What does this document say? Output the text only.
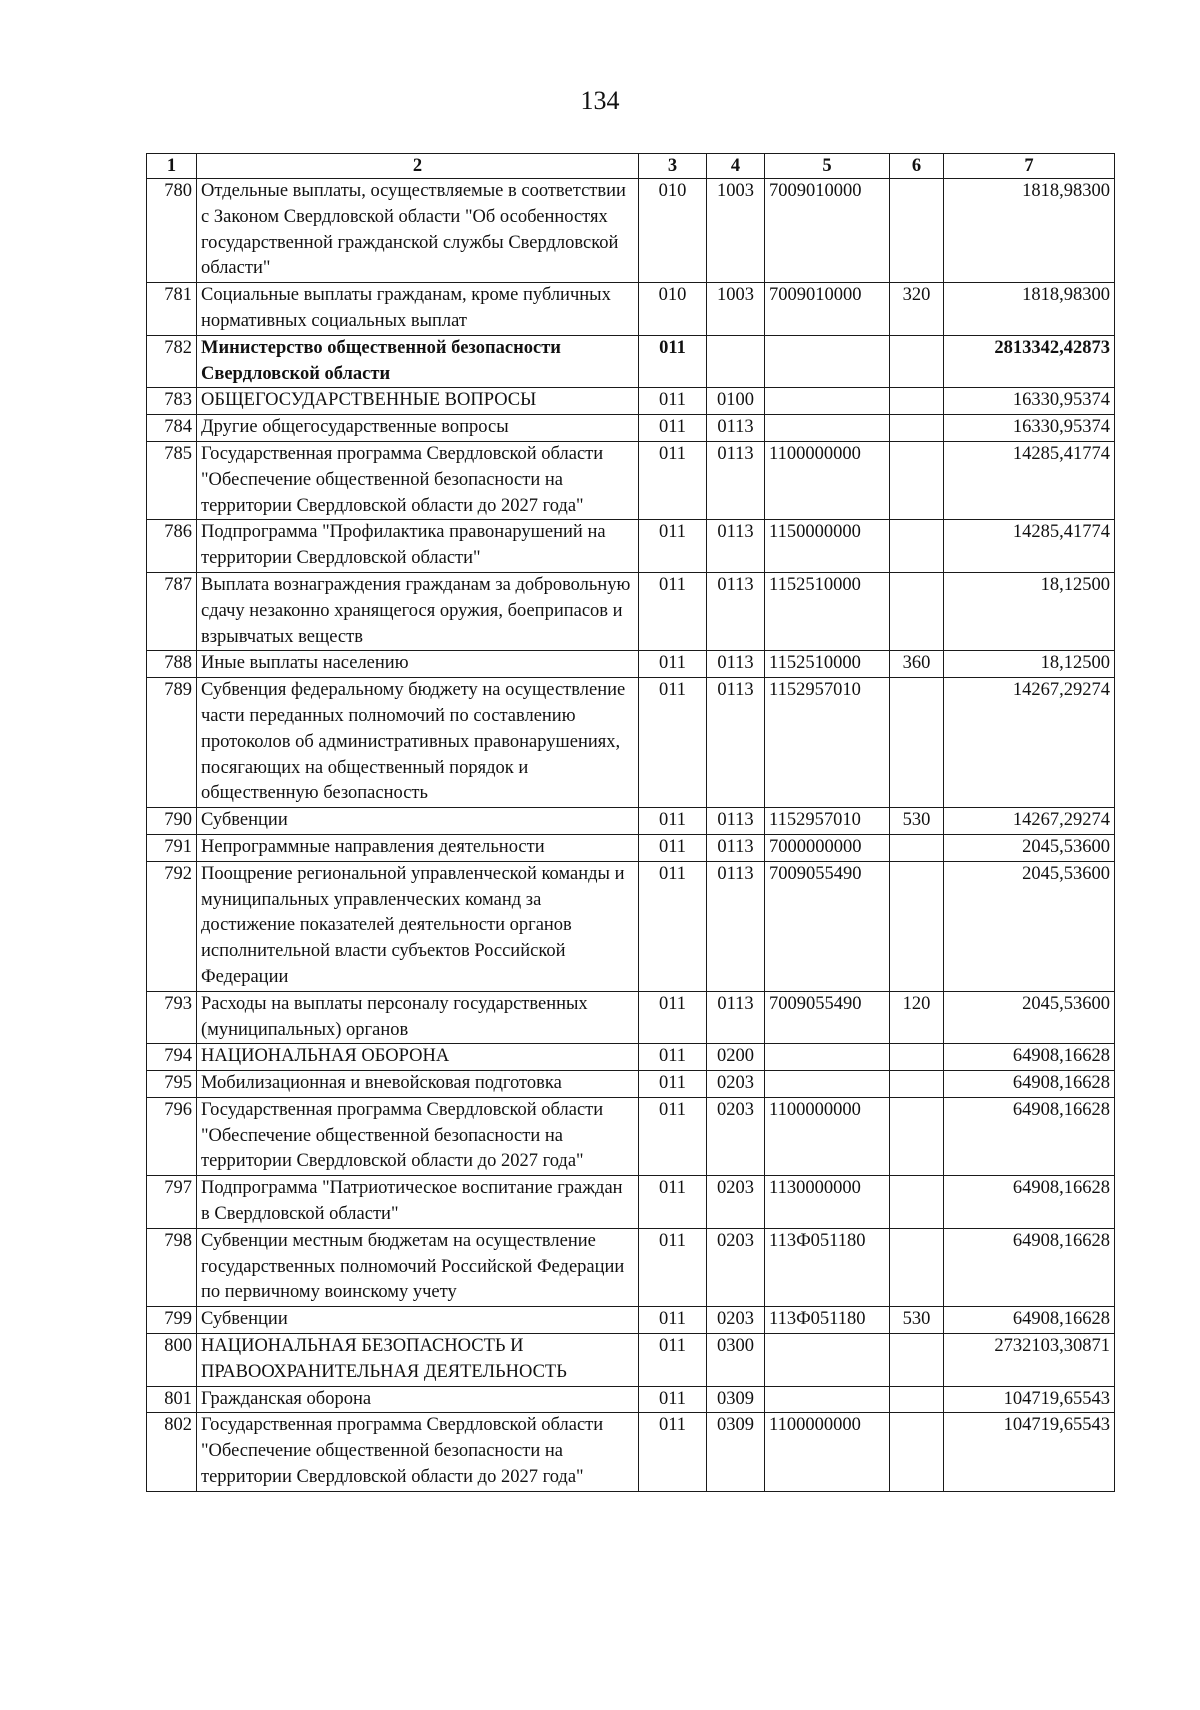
134
1	2	3	4	5	6	7
780	Отдельные выплаты, осуществляемые в соответствии с Законом Свердловской области "Об особенностях государственной гражданской службы Свердловской области"	010	1003	7009010000		1818,98300
781	Социальные выплаты гражданам, кроме публичных нормативных социальных выплат	010	1003	7009010000	320	1818,98300
782	Министерство общественной безопасности Свердловской области	011				2813342,42873
783	ОБЩЕГОСУДАРСТВЕННЫЕ ВОПРОСЫ	011	0100			16330,95374
784	Другие общегосударственные вопросы	011	0113			16330,95374
785	Государственная программа Свердловской области "Обеспечение общественной безопасности на территории Свердловской области до 2027 года"	011	0113	1100000000		14285,41774
786	Подпрограмма "Профилактика правонарушений на территории Свердловской области"	011	0113	1150000000		14285,41774
787	Выплата вознаграждения гражданам за добровольную сдачу незаконно хранящегося оружия, боеприпасов и взрывчатых веществ	011	0113	1152510000		18,12500
788	Иные выплаты населению	011	0113	1152510000	360	18,12500
789	Субвенция федеральному бюджету на осуществление части переданных полномочий по составлению протоколов об административных правонарушениях, посягающих на общественный порядок и общественную безопасность	011	0113	1152957010		14267,29274
790	Субвенции	011	0113	1152957010	530	14267,29274
791	Непрограммные направления деятельности	011	0113	7000000000		2045,53600
792	Поощрение региональной управленческой команды и муниципальных управленческих команд за достижение показателей деятельности органов исполнительной власти субъектов Российской Федерации	011	0113	7009055490		2045,53600
793	Расходы на выплаты персоналу государственных (муниципальных) органов	011	0113	7009055490	120	2045,53600
794	НАЦИОНАЛЬНАЯ ОБОРОНА	011	0200			64908,16628
795	Мобилизационная и вневойсковая подготовка	011	0203			64908,16628
796	Государственная программа Свердловской области "Обеспечение общественной безопасности на территории Свердловской области до 2027 года"	011	0203	1100000000		64908,16628
797	Подпрограмма "Патриотическое воспитание граждан в Свердловской области"	011	0203	1130000000		64908,16628
798	Субвенции местным бюджетам на осуществление государственных полномочий Российской Федерации по первичному воинскому учету	011	0203	113Ф051180		64908,16628
799	Субвенции	011	0203	113Ф051180	530	64908,16628
800	НАЦИОНАЛЬНАЯ БЕЗОПАСНОСТЬ И ПРАВООХРАНИТЕЛЬНАЯ ДЕЯТЕЛЬНОСТЬ	011	0300			2732103,30871
801	Гражданская оборона	011	0309			104719,65543
802	Государственная программа Свердловской области "Обеспечение общественной безопасности на территории Свердловской области до 2027 года"	011	0309	1100000000		104719,65543
